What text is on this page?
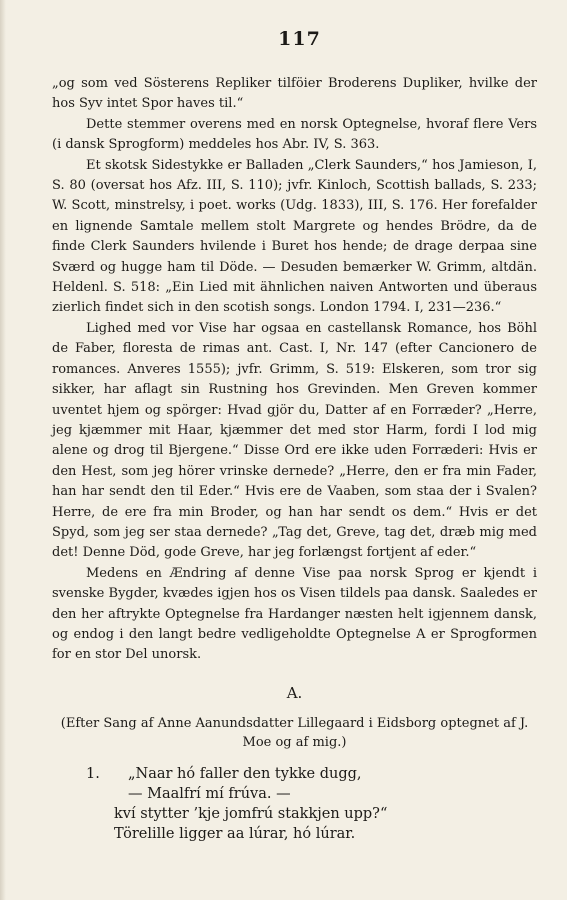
117

„og som ved Sösterens Repliker tilföier Broderens Dupliker, hvilke der hos Syv intet Spor haves til.“

Dette stemmer overens med en norsk Optegnelse, hvoraf flere Vers (i dansk Sprogform) meddeles hos Abr. IV, S. 363.

Et skotsk Sidestykke er Balladen „Clerk Saunders,“ hos Jamieson, I, S. 80 (oversat hos Afz. III, S. 110); jvfr. Kinloch, Scottish ballads, S. 233; W. Scott, minstrelsy, i poet. works (Udg. 1833), III, S. 176. Her forefalder en lignende Samtale mellem stolt Margrete og hendes Brödre, da de finde Clerk Saunders hvilende i Buret hos hende; de drage derpaa sine Sværd og hugge ham til Döde. — Desuden bemærker W. Grimm, altdän. Heldenl. S. 518: „Ein Lied mit ähnlichen naiven Antworten und überaus zierlich findet sich in den scotish songs. London 1794. I, 231—236.“

Lighed med vor Vise har ogsaa en castellansk Romance, hos Böhl de Faber, floresta de rimas ant. Cast. I, Nr. 147 (efter Cancionero de romances. Anveres 1555); jvfr. Grimm, S. 519: Elskeren, som tror sig sikker, har aflagt sin Rustning hos Grevinden. Men Greven kommer uventet hjem og spörger: Hvad gjör du, Datter af en Forræder? „Herre, jeg kjæmmer mit Haar, kjæmmer det med stor Harm, fordi I lod mig alene og drog til Bjergene.“ Disse Ord ere ikke uden Forræderi: Hvis er den Hest, som jeg hörer vrinske dernede? „Herre, den er fra min Fader, han har sendt den til Eder.“ Hvis ere de Vaaben, som staa der i Svalen? Herre, de ere fra min Broder, og han har sendt os dem.“ Hvis er det Spyd, som jeg ser staa dernede? „Tag det, Greve, tag det, dræb mig med det! Denne Död, gode Greve, har jeg forlængst fortjent af eder.“

Medens en Ændring af denne Vise paa norsk Sprog er kjendt i svenske Bygder, kvædes igjen hos os Visen tildels paa dansk. Saaledes er den her aftrykte Optegnelse fra Hardanger næsten helt igjennem dansk, og endog i den langt bedre vedligeholdte Optegnelse A er Sprogformen for en stor Del unorsk.

A.
(Efter Sang af Anne Aanundsdatter Lillegaard i Eidsborg optegnet af J. Moe og af mig.)
1.	„Naar hó faller den tykke dugg,
— Maalfrí mí frúva. —
kví stytter ’kje jomfrú stakkjen upp?“
Törelille ligger aa lúrar, hó lúrar.
